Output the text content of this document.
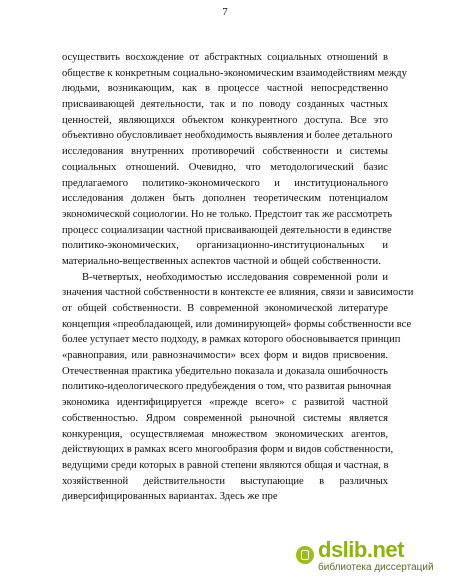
7
осуществить восхождение от абстрактных социальных отношений в
обществе к конкретным социально-экономическим взаимодействиям между
людьми, возникающим, как в процессе частной непосредственно
присваивающей деятельности, так и по поводу созданных частных
ценностей, являющихся объектом конкурентного доступа. Все это
объективно обусловливает необходимость выявления и более детального
исследования внутренних противоречий собственности и системы
социальных отношений. Очевидно, что методологический базис
предлагаемого политико-экономического и институционального
исследования должен быть дополнен теоретическим потенциалом
экономической социологии. Но не только. Предстоит так же рассмотреть
процесс социализации частной присваивающей деятельности в единстве
политико-экономических, организационно-институциональных и
материально-вещественных аспектов частной и общей собственности.
В-четвертых, необходимостью исследования современной роли и
значения частной собственности в контексте ее влияния, связи и зависимости
от общей собственности. В современной экономической литературе
концепция «преобладающей, или доминирующей» формы собственности все
более уступает место подходу, в рамках которого обосновывается принцип
«равноправия, или равнозначимости» всех форм и видов присвоения.
Отечественная практика убедительно показала и доказала ошибочность
политико-идеологического предубеждения о том, что развитая рыночная
экономика идентифицируется «прежде всего» с развитой частной
собственностью. Ядром современной рыночной системы является
конкуренция, осуществляемая множеством экономических агентов,
действующих в рамках всего многообразия форм и видов собственности,
ведущими среди которых в равной степени являются общая и частная, в
хозяйственной действительности выступающие в различных
диверсифицированных вариантах. Здесь же пре
dslib.net
библиотека диссертаций
